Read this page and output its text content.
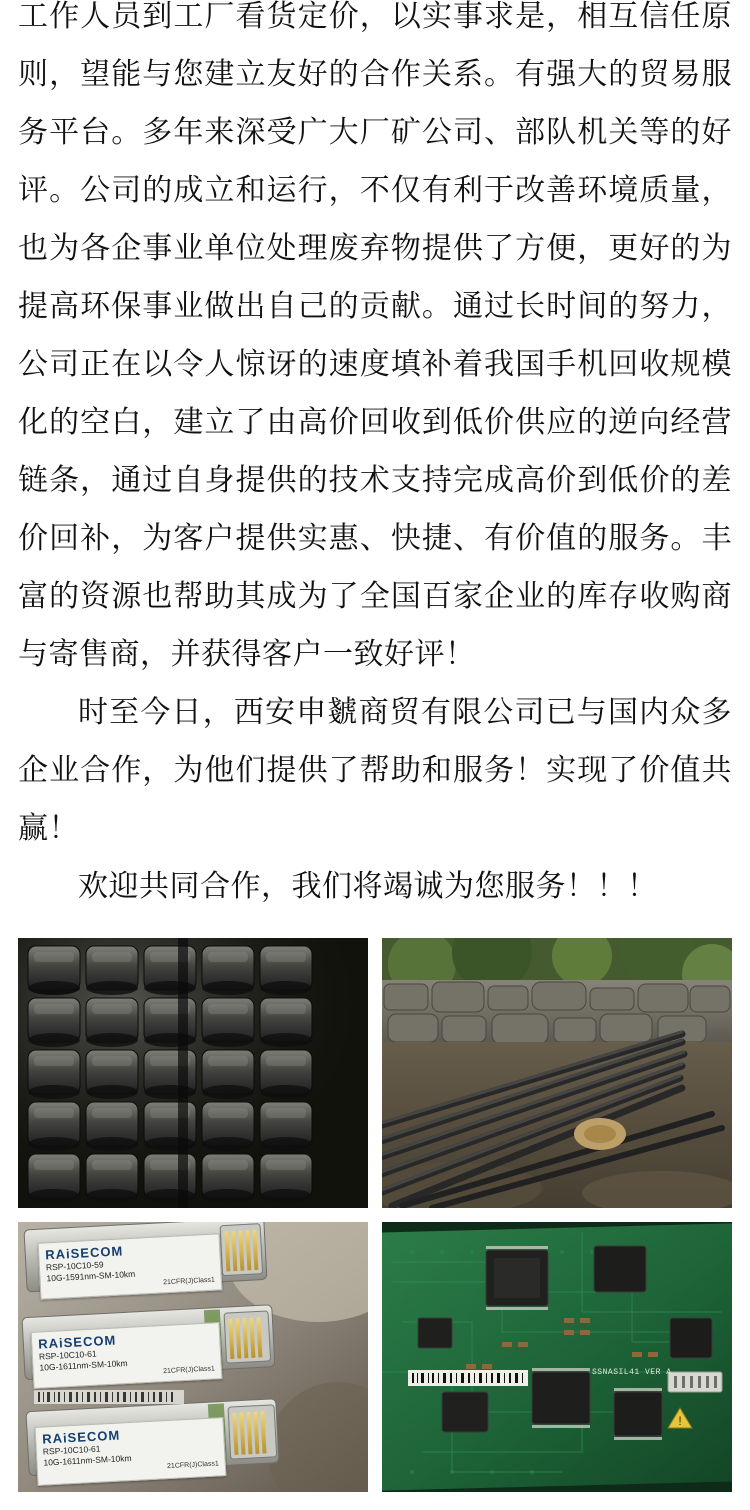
工作人员到工厂看货定价，以实事求是，相互信任原则，望能与您建立友好的合作关系。有强大的贸易服务平台。多年来深受广大厂矿公司、部队机关等的好评。公司的成立和运行，不仅有利于改善环境质量，也为各企事业单位处理废弃物提供了方便，更好的为提高环保事业做出自己的贡献。通过长时间的努力，公司正在以令人惊讶的速度填补着我国手机回收规模化的空白，建立了由高价回收到低价供应的逆向经营链条，通过自身提供的技术支持完成高价到低价的差价回补，为客户提供实惠、快捷、有价值的服务。丰富的资源也帮助其成为了全国百家企业的库存收购商与寄售商，并获得客户一致好评！

时至今日，西安申虦商贸有限公司已与国内众多企业合作，为他们提供了帮助和服务！实现了价值共赢！

欢迎共同合作，我们将竭诚为您服务！！！

RAiSECOM
RSP-10C10-59
10G-1591nm-SM-10km	21CFR(J)Class1
RAiSECOM
RSP-10C10-61
10G-1611nm-SM-10km	21CFR(J)Class1
RAiSECOM
RSP-10C10-61
10G-1611nm-SM-10km	21CFR(J)Class1
!
SSNASIL41 VER A
